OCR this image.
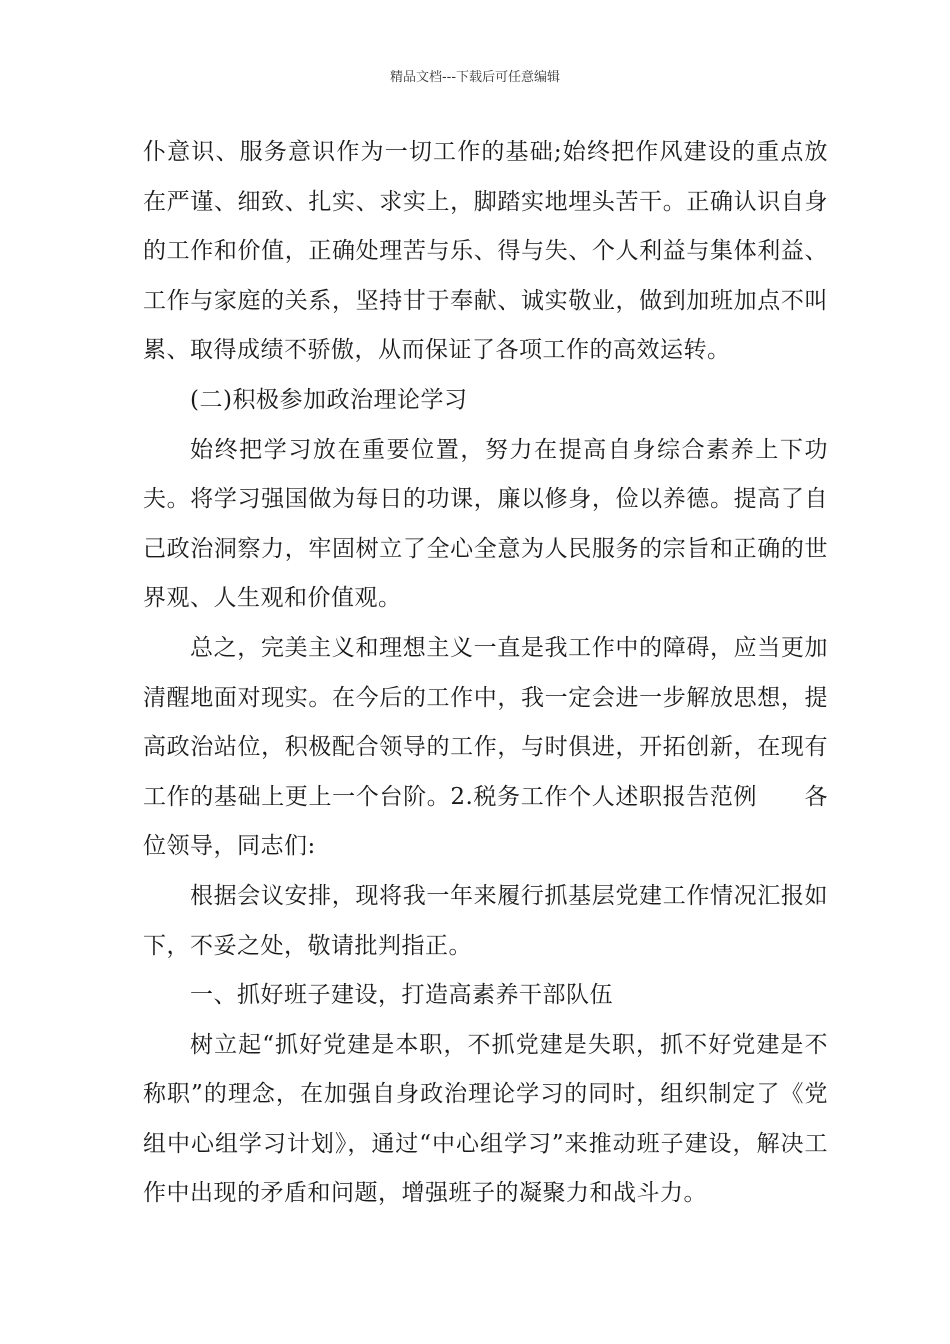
精品文档---下载后可任意编辑

仆意识、服务意识作为一切工作的基础;始终把作风建设的重点放在严谨、细致、扎实、求实上，脚踏实地埋头苦干。正确认识自身的工作和价值，正确处理苦与乐、得与失、个人利益与集体利益、工作与家庭的关系，坚持甘于奉献、诚实敬业，做到加班加点不叫累、取得成绩不骄傲，从而保证了各项工作的高效运转。

(二)积极参加政治理论学习

始终把学习放在重要位置，努力在提高自身综合素养上下功夫。将学习强国做为每日的功课，廉以修身，俭以养德。提高了自己政治洞察力，牢固树立了全心全意为人民服务的宗旨和正确的世界观、人生观和价值观。

总之，完美主义和理想主义一直是我工作中的障碍，应当更加清醒地面对现实。在今后的工作中，我一定会进一步解放思想，提高政治站位，积极配合领导的工作，与时俱进，开拓创新，在现有工作的基础上更上一个台阶。2.税务工作个人述职报告范例　　各位领导，同志们:

根据会议安排，现将我一年来履行抓基层党建工作情况汇报如下，不妥之处，敬请批判指正。

一、抓好班子建设，打造高素养干部队伍

树立起“抓好党建是本职，不抓党建是失职，抓不好党建是不称职”的理念，在加强自身政治理论学习的同时，组织制定了《党组中心组学习计划》，通过“中心组学习”来推动班子建设，解决工作中出现的矛盾和问题，增强班子的凝聚力和战斗力。
